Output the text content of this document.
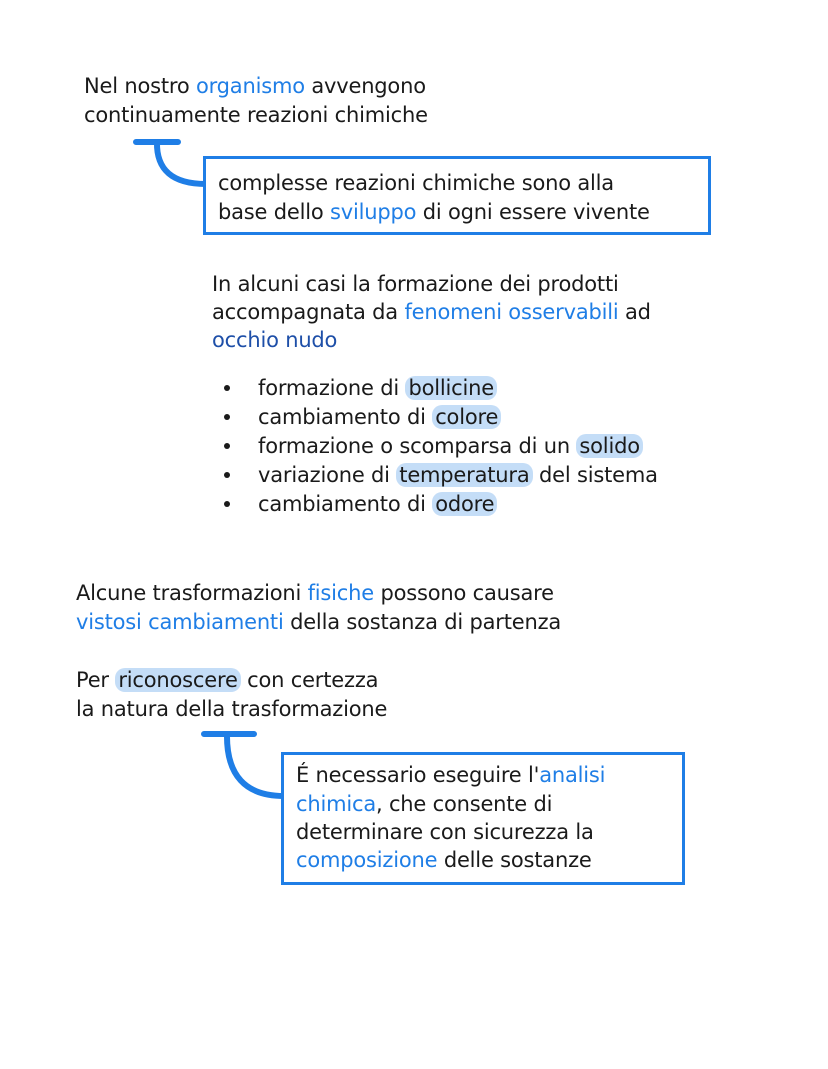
Nel nostro organismo avvengono
continuamente reazioni chimiche
complesse reazioni chimiche sono alla
base dello sviluppo di ogni essere vivente
In alcuni casi la formazione dei prodotti
accompagnata da fenomeni osservabili ad
occhio nudo
formazione di bollicine
cambiamento di colore
formazione o scomparsa di un solido
variazione di temperatura del sistema
cambiamento di odore
Alcune trasformazioni fisiche possono causare
vistosi cambiamenti della sostanza di partenza
Per riconoscere con certezza
la natura della trasformazione
É necessario eseguire l'analisi
chimica, che consente di
determinare con sicurezza la
composizione delle sostanze
